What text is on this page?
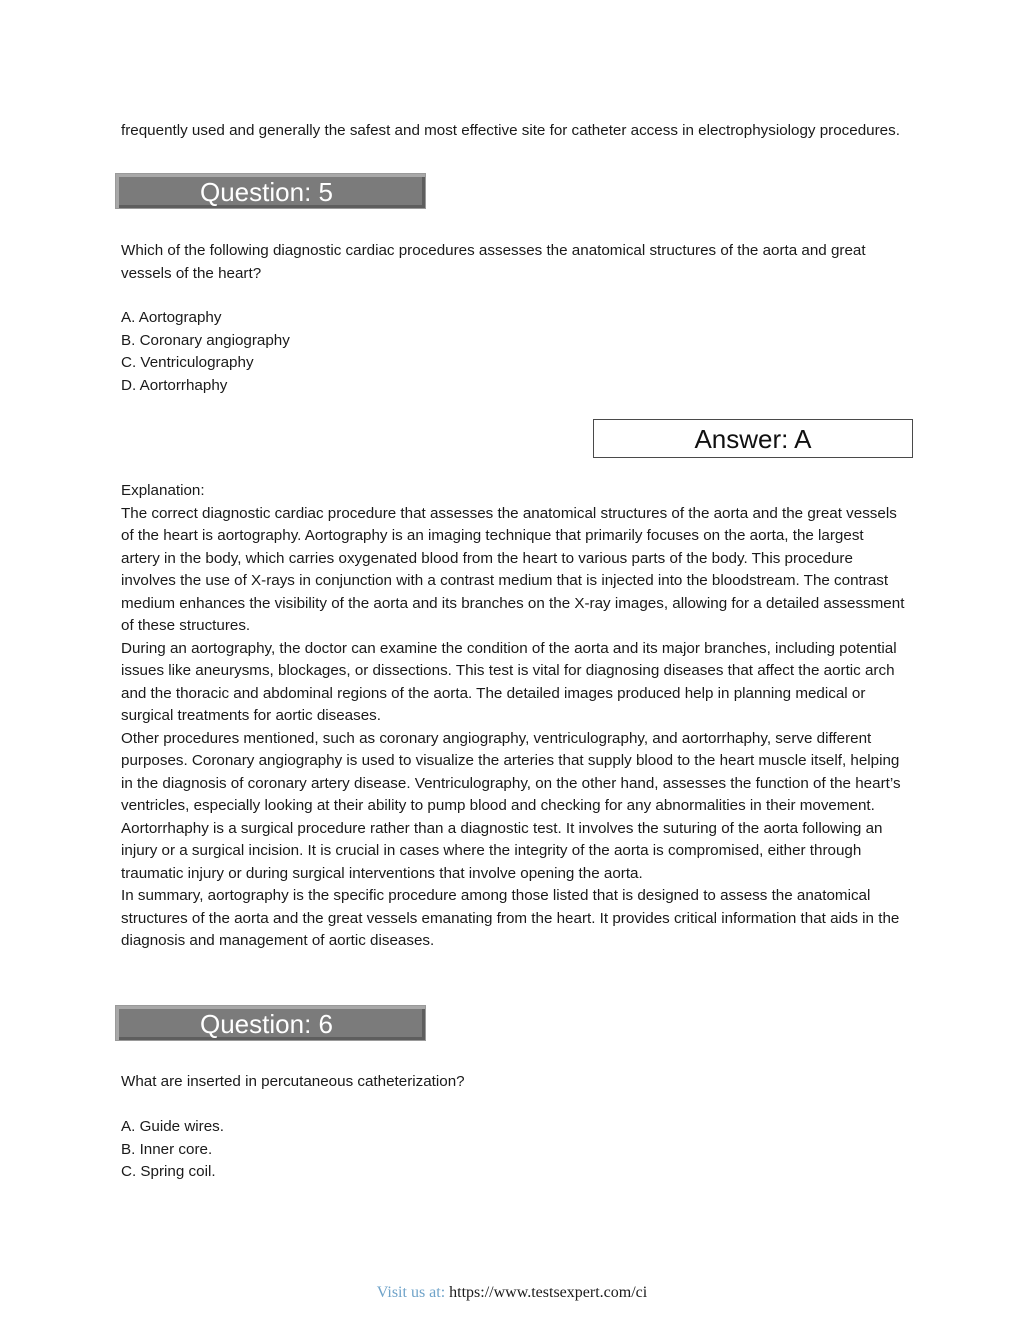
frequently used and generally the safest and most effective site for catheter access in electrophysiology procedures.

Question: 5

Which of the following diagnostic cardiac procedures assesses the anatomical structures of the aorta and great vessels of the heart?

A. Aortography
B. Coronary angiography
C. Ventriculography
D. Aortorrhaphy
Answer: A

Explanation:

The correct diagnostic cardiac procedure that assesses the anatomical structures of the aorta and the great vessels of the heart is aortography. Aortography is an imaging technique that primarily focuses on the aorta, the largest artery in the body, which carries oxygenated blood from the heart to various parts of the body. This procedure involves the use of X-rays in conjunction with a contrast medium that is injected into the bloodstream. The contrast medium enhances the visibility of the aorta and its branches on the X-ray images, allowing for a detailed assessment of these structures.

During an aortography, the doctor can examine the condition of the aorta and its major branches, including potential issues like aneurysms, blockages, or dissections. This test is vital for diagnosing diseases that affect the aortic arch and the thoracic and abdominal regions of the aorta. The detailed images produced help in planning medical or surgical treatments for aortic diseases.

Other procedures mentioned, such as coronary angiography, ventriculography, and aortorrhaphy, serve different purposes. Coronary angiography is used to visualize the arteries that supply blood to the heart muscle itself, helping in the diagnosis of coronary artery disease. Ventriculography, on the other hand, assesses the function of the heart’s ventricles, especially looking at their ability to pump blood and checking for any abnormalities in their movement.

Aortorrhaphy is a surgical procedure rather than a diagnostic test. It involves the suturing of the aorta following an injury or a surgical incision. It is crucial in cases where the integrity of the aorta is compromised, either through traumatic injury or during surgical interventions that involve opening the aorta.

In summary, aortography is the specific procedure among those listed that is designed to assess the anatomical structures of the aorta and the great vessels emanating from the heart. It provides critical information that aids in the diagnosis and management of aortic diseases.

Question: 6

What are inserted in percutaneous catheterization?

A. Guide wires.
B. Inner core.
C. Spring coil.
Visit us at: https://www.testsexpert.com/ci
